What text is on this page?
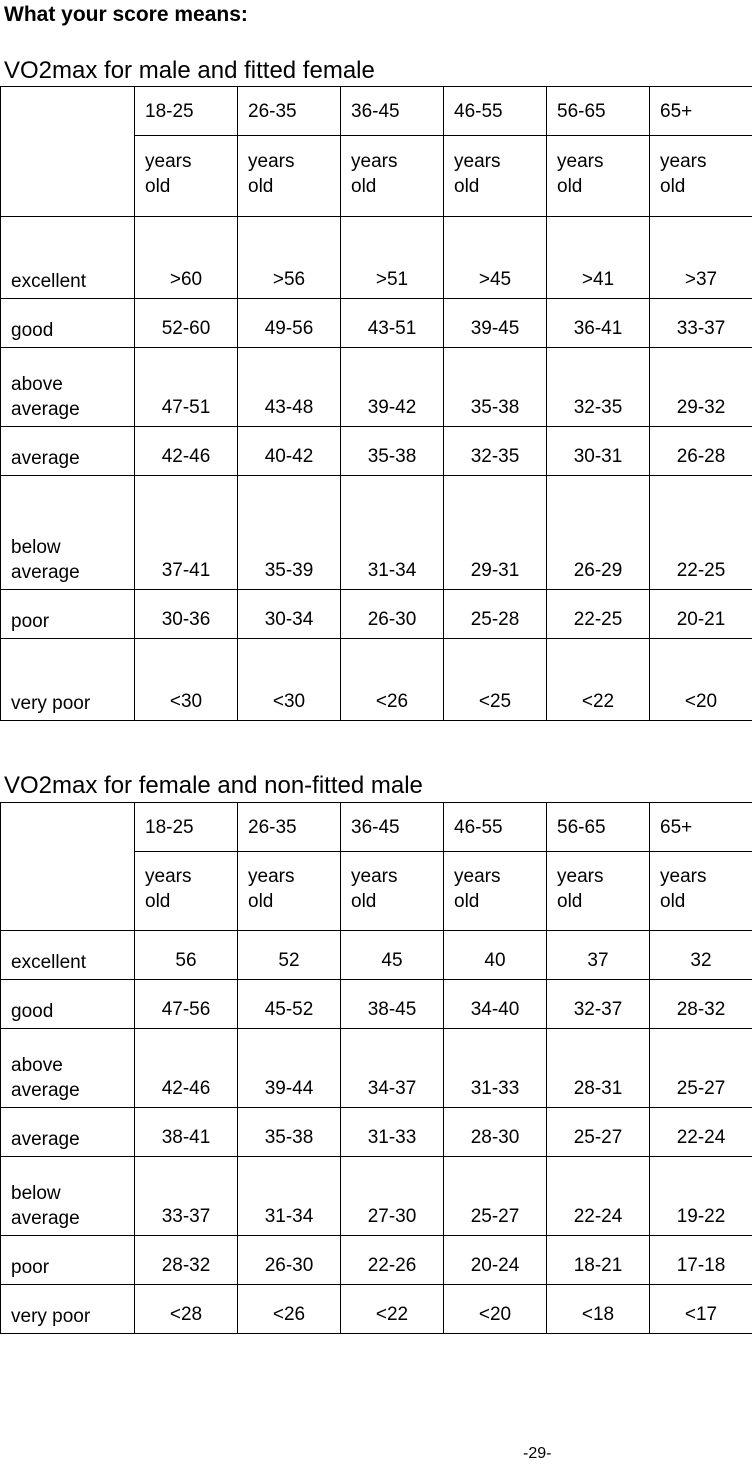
What your score means:
VO2max for male and fitted female
	18-25	26-35	36-45	46-55	56-65	65+

	years old	years old	years old	years old	years old	years old

excellent	>60	>56	>51	>45	>41	>37
good	52-60	49-56	43-51	39-45	36-41	33-37
above average	47-51	43-48	39-42	35-38	32-35	29-32
average	42-46	40-42	35-38	32-35	30-31	26-28
below average	37-41	35-39	31-34	29-31	26-29	22-25
poor	30-36	30-34	26-30	25-28	22-25	20-21
very poor	<30	<30	<26	<25	<22	<20
VO2max for female and non-fitted male
	18-25	26-35	36-45	46-55	56-65	65+

	years old	years old	years old	years old	years old	years old

excellent	56	52	45	40	37	32
good	47-56	45-52	38-45	34-40	32-37	28-32
above average	42-46	39-44	34-37	31-33	28-31	25-27
average	38-41	35-38	31-33	28-30	25-27	22-24
below average	33-37	31-34	27-30	25-27	22-24	19-22
poor	28-32	26-30	22-26	20-24	18-21	17-18
very poor	<28	<26	<22	<20	<18	<17
-29-
